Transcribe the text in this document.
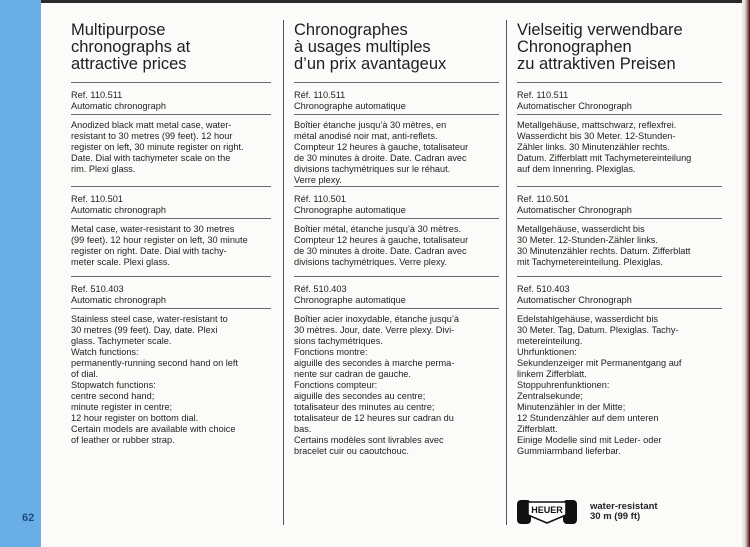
62
Multipurpose
chronographs at
attractive prices
Ref. 110.511
Automatic chronograph
Anodized black matt metal case, water-
resistant to 30 metres (99 feet). 12 hour
register on left, 30 minute register on right.
Date. Dial with tachymeter scale on the
rim. Plexi glass.
Ref. 110.501
Automatic chronograph
Metal case, water-resistant to 30 metres
(99 feet). 12 hour register on left, 30 minute
register on right. Date. Dial with tachy-
meter scale. Plexi glass.
Ref. 510.403
Automatic chronograph
Stainless steel case, water-resistant to
30 metres (99 feet). Day, date. Plexi
glass. Tachymeter scale.
Watch functions:
permanently-running second hand on left
of dial.
Stopwatch functions:
centre second hand;
minute register in centre;
12 hour register on bottom dial.
Certain models are available with choice
of leather or rubber strap.
Chronographes
à usages multiples
d’un prix avantageux
Réf. 110.511
Chronographe automatique
Boîtier étanche jusqu’à 30 mètres, en
métal anodisé noir mat, anti-reflets.
Compteur 12 heures à gauche, totalisateur
de 30 minutes à droite. Date. Cadran avec
divisions tachymétriques sur le réhaut.
Verre plexy.
Réf. 110.501
Chronographe automatique
Boîtier métal, étanche jusqu’à 30 mètres.
Compteur 12 heures à gauche, totalisateur
de 30 minutes à droite. Date. Cadran avec
divisions tachymétriques. Verre plexy.
Réf. 510.403
Chronographe automatique
Boîtier acier inoxydable, étanche jusqu’à
30 mètres. Jour, date. Verre plexy. Divi-
sions tachymétriques.
Fonctions montre:
aiguille des secondes à marche perma-
nente sur cadran de gauche.
Fonctions compteur:
aiguille des secondes au centre;
totalisateur des minutes au centre;
totalisateur de 12 heures sur cadran du
bas.
Certains modèles sont livrables avec
bracelet cuir ou caoutchouc.
Vielseitig verwendbare
Chronographen
zu attraktiven Preisen
Ref. 110.511
Automatischer Chronograph
Metallgehäuse, mattschwarz, reflexfrei.
Wasserdicht bis 30 Meter. 12-Stunden-
Zähler links. 30 Minutenzähler rechts.
Datum. Zifferblatt mit Tachymetereinteilung
auf dem Innenring. Plexiglas.
Ref. 110.501
Automatischer Chronograph
Metallgehäuse, wasserdicht bis
30 Meter. 12-Stunden-Zähler links.
30 Minutenzähler rechts. Datum. Zifferblatt
mit Tachymetereinteilung. Plexiglas.
Ref. 510.403
Automatischer Chronograph
Edelstahlgehäuse, wasserdicht bis
30 Meter. Tag, Datum. Plexiglas. Tachy-
metereinteilung.
Uhrfunktionen:
Sekundenzeiger mit Permanentgang auf
linkem Zifferblatt.
Stoppuhrenfunktionen:
Zentralsekunde;
Minutenzähler in der Mitte;
12 Stundenzähler auf dem unteren
Zifferblatt.
Einige Modelle sind mit Leder- oder
Gummiarmband lieferbar.
HEUER	water-resistant
30 m (99 ft)
